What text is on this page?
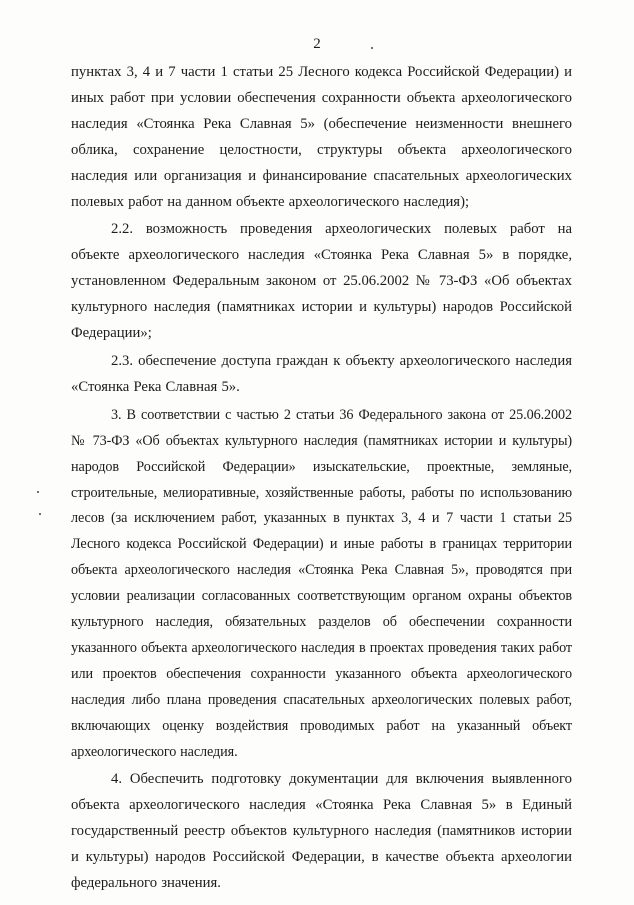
2

пунктах 3, 4 и 7 части 1 статьи 25 Лесного кодекса Российской Федерации) и иных работ при условии обеспечения сохранности объекта археологического наследия «Стоянка Река Славная 5» (обеспечение неизменности внешнего облика, сохранение целостности, структуры объекта археологического наследия или организация и финансирование спасательных археологических полевых работ на данном объекте археологического наследия);

2.2. возможность проведения археологических полевых работ на объекте археологического наследия «Стоянка Река Славная 5» в порядке, установленном Федеральным законом от 25.06.2002 № 73-ФЗ «Об объектах культурного наследия (памятниках истории и культуры) народов Российской Федерации»;

2.3. обеспечение доступа граждан к объекту археологического наследия «Стоянка Река Славная 5».

3. В соответствии с частью 2 статьи 36 Федерального закона от 25.06.2002 № 73-ФЗ «Об объектах культурного наследия (памятниках истории и культуры) народов Российской Федерации» изыскательские, проектные, земляные, строительные, мелиоративные, хозяйственные работы, работы по использованию лесов (за исключением работ, указанных в пунктах 3, 4 и 7 части 1 статьи 25 Лесного кодекса Российской Федерации) и иные работы в границах территории объекта археологического наследия «Стоянка Река Славная 5», проводятся при условии реализации согласованных соответствующим органом охраны объектов культурного наследия, обязательных разделов об обеспечении сохранности указанного объекта археологического наследия в проектах проведения таких работ или проектов обеспечения сохранности указанного объекта археологического наследия либо плана проведения спасательных археологических полевых работ, включающих оценку воздействия проводимых работ на указанный объект археологического наследия.

4. Обеспечить подготовку документации для включения выявленного объекта археологического наследия «Стоянка Река Славная 5» в Единый государственный реестр объектов культурного наследия (памятников истории и культуры) народов Российской Федерации, в качестве объекта археологии федерального значения.
